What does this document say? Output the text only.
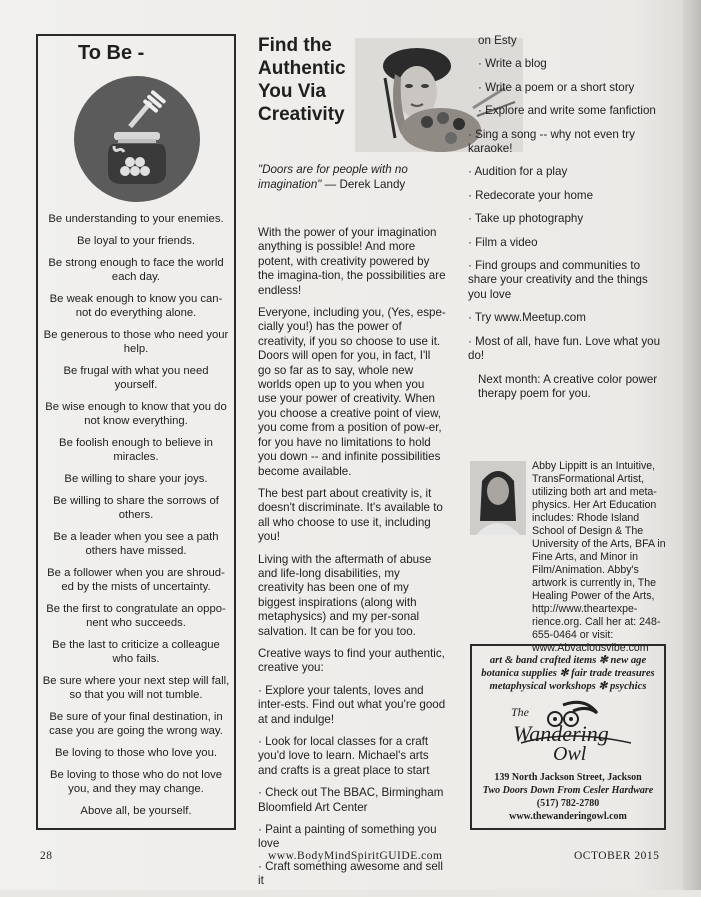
To Be -

Be understanding to your enemies.

Be loyal to your friends.

Be strong enough to face the world each day.

Be weak enough to know you can-not do everything alone.

Be generous to those who need your help.

Be frugal with what you need yourself.

Be wise enough to know that you do not know everything.

Be foolish enough to believe in miracles.

Be willing to share your joys.

Be willing to share the sorrows of others.

Be a leader when you see a path others have missed.

Be a follower when you are shroud-ed by the mists of uncertainty.

Be the first to congratulate an oppo-nent who succeeds.

Be the last to criticize a colleague who fails.

Be sure where your next step will fall, so that you will not tumble.

Be sure of your final destination, in case you are going the wrong way.

Be loving to those who love you.

Be loving to those who do not love you, and they may change.

Above all, be yourself.

Find the Authentic You Via Creativity
"Doors are for people with no imagination" — Derek Landy

With the power of your imagination anything is possible! And more potent, with creativity powered by the imagina-tion, the possibilities are endless!

Everyone, including you, (Yes, espe-cially you!) has the power of creativity, if you so choose to use it. Doors will open for you, in fact, I'll go so far as to say, whole new worlds open up to you when you use your power of creativity. When you choose a creative point of view, you come from a position of pow-er, for you have no limitations to hold you down -- and infinite possibilities become available.

The best part about creativity is, it doesn't discriminate. It's available to all who choose to use it, including you!

Living with the aftermath of abuse and life-long disabilities, my creativity has been one of my biggest inspirations (along with metaphysics) and my per-sonal salvation. It can be for you too.

Creative ways to find your authentic, creative you:

· Explore your talents, loves and inter-ests. Find out what you're good at and indulge!

· Look for local classes for a craft you'd love to learn. Michael's arts and crafts is a great place to start

· Check out The BBAC, Birmingham Bloomfield Art Center

· Paint a painting of something you love

· Craft something awesome and sell it

on Esty

· Write a blog

· Write a poem or a short story

· Explore and write some fanfiction

· Sing a song -- why not even try karaoke!

· Audition for a play

· Redecorate your home

· Take up photography

· Film a video

· Find groups and communities to share your creativity and the things you love

· Try www.Meetup.com

· Most of all, have fun. Love what you do!

Next month: A creative color power therapy poem for you.

Abby Lippitt is an Intuitive, TransFormational Artist, utilizing both art and meta-physics. Her Art Education includes: Rhode Island School of Design & The University of the Arts, BFA in Fine Arts, and Minor in Film/Animation. Abby's artwork is currently in, The Healing Power of the Arts, http://www.theartexpe-rience.org. Call her at: 248-655-0464 or visit: www.Abvaciousvibe.com
art & band crafted items ✻ new age
botanica supplies ✻ fair trade treasures
metaphysical workshops ✻ psychics
The
Wandering
Owl
139 North Jackson Street, Jackson
Two Doors Down From Cesler Hardware
(517) 782-2780
www.thewanderingowl.com
28	www.BodyMindSpiritGUIDE.com	OCTOBER 2015
